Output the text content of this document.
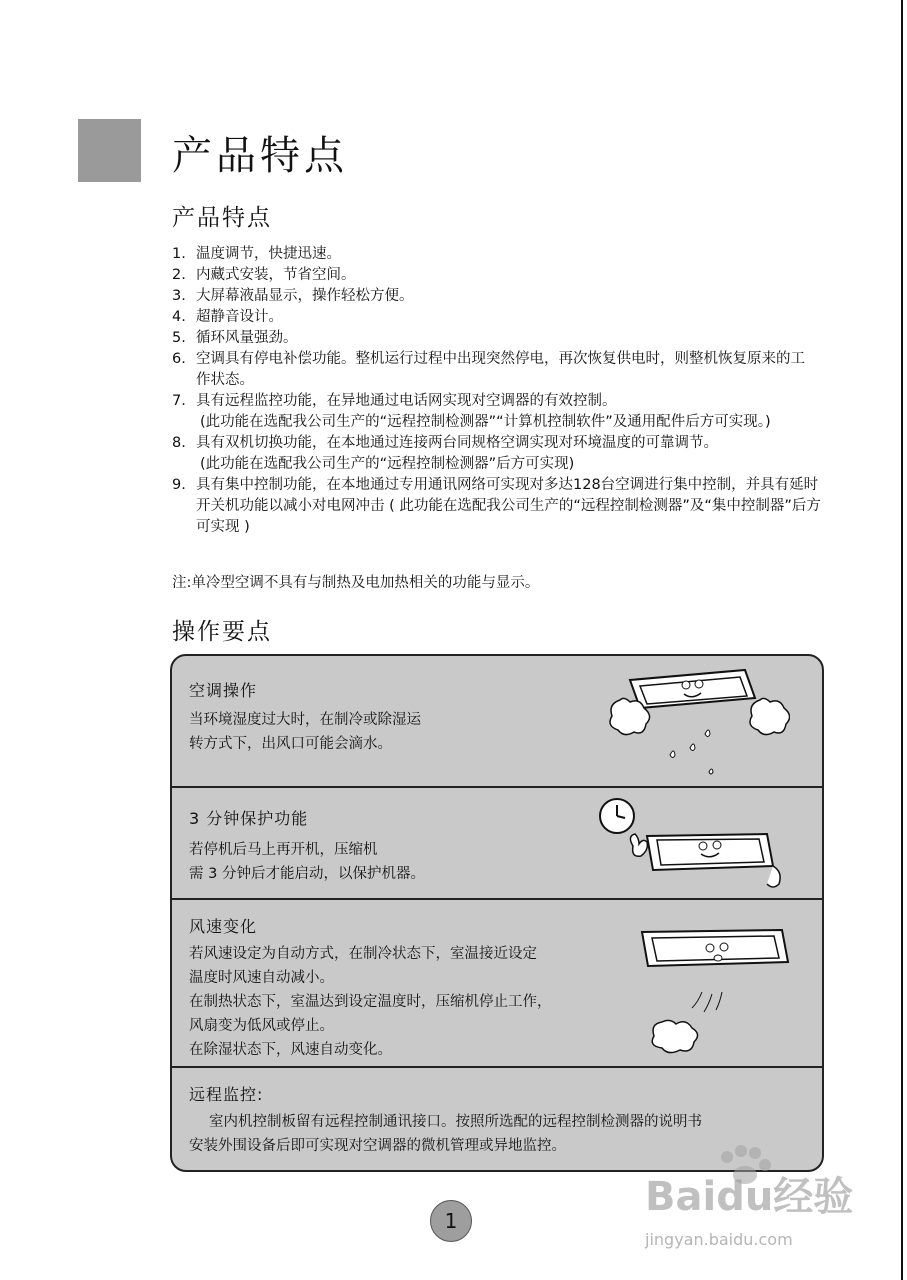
产品特点
产品特点
1. 温度调节，快捷迅速。
2. 内藏式安装，节省空间。
3. 大屏幕液晶显示，操作轻松方便。
4. 超静音设计。
5. 循环风量强劲。
6. 空调具有停电补偿功能。整机运行过程中出现突然停电，再次恢复供电时，则整机恢复原来的工作状态。
7. 具有远程监控功能，在异地通过电话网实现对空调器的有效控制。
(此功能在选配我公司生产的“远程控制检测器”“计算机控制软件”及通用配件后方可实现。)
8. 具有双机切换功能，在本地通过连接两台同规格空调实现对环境温度的可靠调节。
(此功能在选配我公司生产的“远程控制检测器”后方可实现)
9. 具有集中控制功能，在本地通过专用通讯网络可实现对多达128台空调进行集中控制，并具有延时开关机功能以减小对电网冲击 ( 此功能在选配我公司生产的“远程控制检测器”及“集中控制器”后方可实现 )
注:单冷型空调不具有与制热及电加热相关的功能与显示。
操作要点
空调操作
当环境湿度过大时，在制冷或除湿运
转方式下，出风口可能会滴水。
3 分钟保护功能
若停机后马上再开机，压缩机
需 3 分钟后才能启动，以保护机器。
风速变化
若风速设定为自动方式，在制冷状态下，室温接近设定
温度时风速自动减小。
在制热状态下，室温达到设定温度时，压缩机停止工作，
风扇变为低风或停止。
在除湿状态下，风速自动变化。
远程监控:
室内机控制板留有远程控制通讯接口。按照所选配的远程控制检测器的说明书
安装外围设备后即可实现对空调器的微机管理或异地监控。
1
Baidu经验
jingyan.baidu.com
